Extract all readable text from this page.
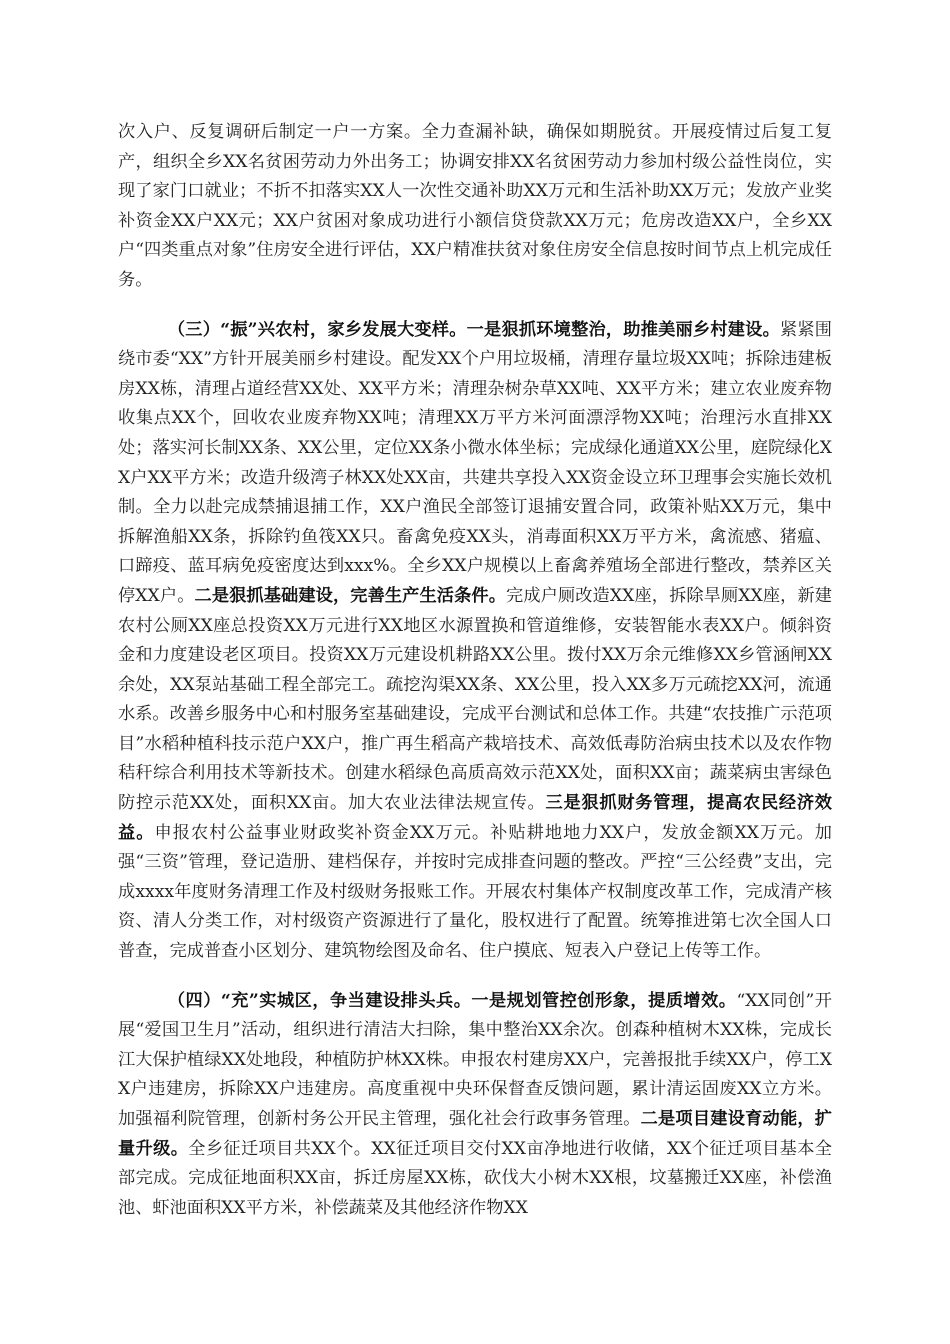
次入户、反复调研后制定一户一方案。全力查漏补缺，确保如期脱贫。开展疫情过后复工复产，组织全乡XX名贫困劳动力外出务工；协调安排XX名贫困劳动力参加村级公益性岗位，实现了家门口就业；不折不扣落实XX人一次性交通补助XX万元和生活补助XX万元；发放产业奖补资金XX户XX元；XX户贫困对象成功进行小额信贷贷款XX万元；危房改造XX户，全乡XX户“四类重点对象”住房安全进行评估，XX户精准扶贫对象住房安全信息按时间节点上机完成任务。

（三）“振”兴农村，家乡发展大变样。一是狠抓环境整治，助推美丽乡村建设。紧紧围绕市委“XX”方针开展美丽乡村建设。配发XX个户用垃圾桶，清理存量垃圾XX吨；拆除违建板房XX栋，清理占道经营XX处、XX平方米；清理杂树杂草XX吨、XX平方米；建立农业废弃物收集点XX个，回收农业废弃物XX吨；清理XX万平方米河面漂浮物XX吨；治理污水直排XX处；落实河长制XX条、XX公里，定位XX条小微水体坐标；完成绿化通道XX公里，庭院绿化XX户XX平方米；改造升级湾子林XX处XX亩，共建共享投入XX资金设立环卫理事会实施长效机制。全力以赴完成禁捕退捕工作，XX户渔民全部签订退捕安置合同，政策补贴XX万元，集中拆解渔船XX条，拆除钓鱼筏XX只。畜禽免疫XX头，消毒面积XX万平方米，禽流感、猪瘟、口蹄疫、蓝耳病免疫密度达到xxx%。全乡XX户规模以上畜禽养殖场全部进行整改，禁养区关停XX户。二是狠抓基础建设，完善生产生活条件。完成户厕改造XX座，拆除旱厕XX座，新建农村公厕XX座总投资XX万元进行XX地区水源置换和管道维修，安装智能水表XX户。倾斜资金和力度建设老区项目。投资XX万元建设机耕路XX公里。拨付XX万余元维修XX乡管涵闸XX余处，XX泵站基础工程全部完工。疏挖沟渠XX条、XX公里，投入XX多万元疏挖XX河，流通水系。改善乡服务中心和村服务室基础建设，完成平台测试和总体工作。共建“农技推广示范项目”水稻种植科技示范户XX户，推广再生稻高产栽培技术、高效低毒防治病虫技术以及农作物秸秆综合利用技术等新技术。创建水稻绿色高质高效示范XX处，面积XX亩；蔬菜病虫害绿色防控示范XX处，面积XX亩。加大农业法律法规宣传。三是狠抓财务管理，提高农民经济效益。申报农村公益事业财政奖补资金XX万元。补贴耕地地力XX户，发放金额XX万元。加强“三资”管理，登记造册、建档保存，并按时完成排查问题的整改。严控“三公经费”支出，完成xxxx年度财务清理工作及村级财务报账工作。开展农村集体产权制度改革工作，完成清产核资、清人分类工作，对村级资产资源进行了量化，股权进行了配置。统筹推进第七次全国人口普查，完成普查小区划分、建筑物绘图及命名、住户摸底、短表入户登记上传等工作。

（四）“充”实城区，争当建设排头兵。一是规划管控创形象，提质增效。“XX同创”开展“爱国卫生月”活动，组织进行清洁大扫除，集中整治XX余次。创森种植树木XX株，完成长江大保护植绿XX处地段，种植防护林XX株。申报农村建房XX户，完善报批手续XX户，停工XX户违建房，拆除XX户违建房。高度重视中央环保督查反馈问题，累计清运固废XX立方米。加强福利院管理，创新村务公开民主管理，强化社会行政事务管理。二是项目建设育动能，扩量升级。全乡征迁项目共XX个。XX征迁项目交付XX亩净地进行收储，XX个征迁项目基本全部完成。完成征地面积XX亩，拆迁房屋XX栋，砍伐大小树木XX根，坟墓搬迁XX座，补偿渔池、虾池面积XX平方米，补偿蔬菜及其他经济作物XX
